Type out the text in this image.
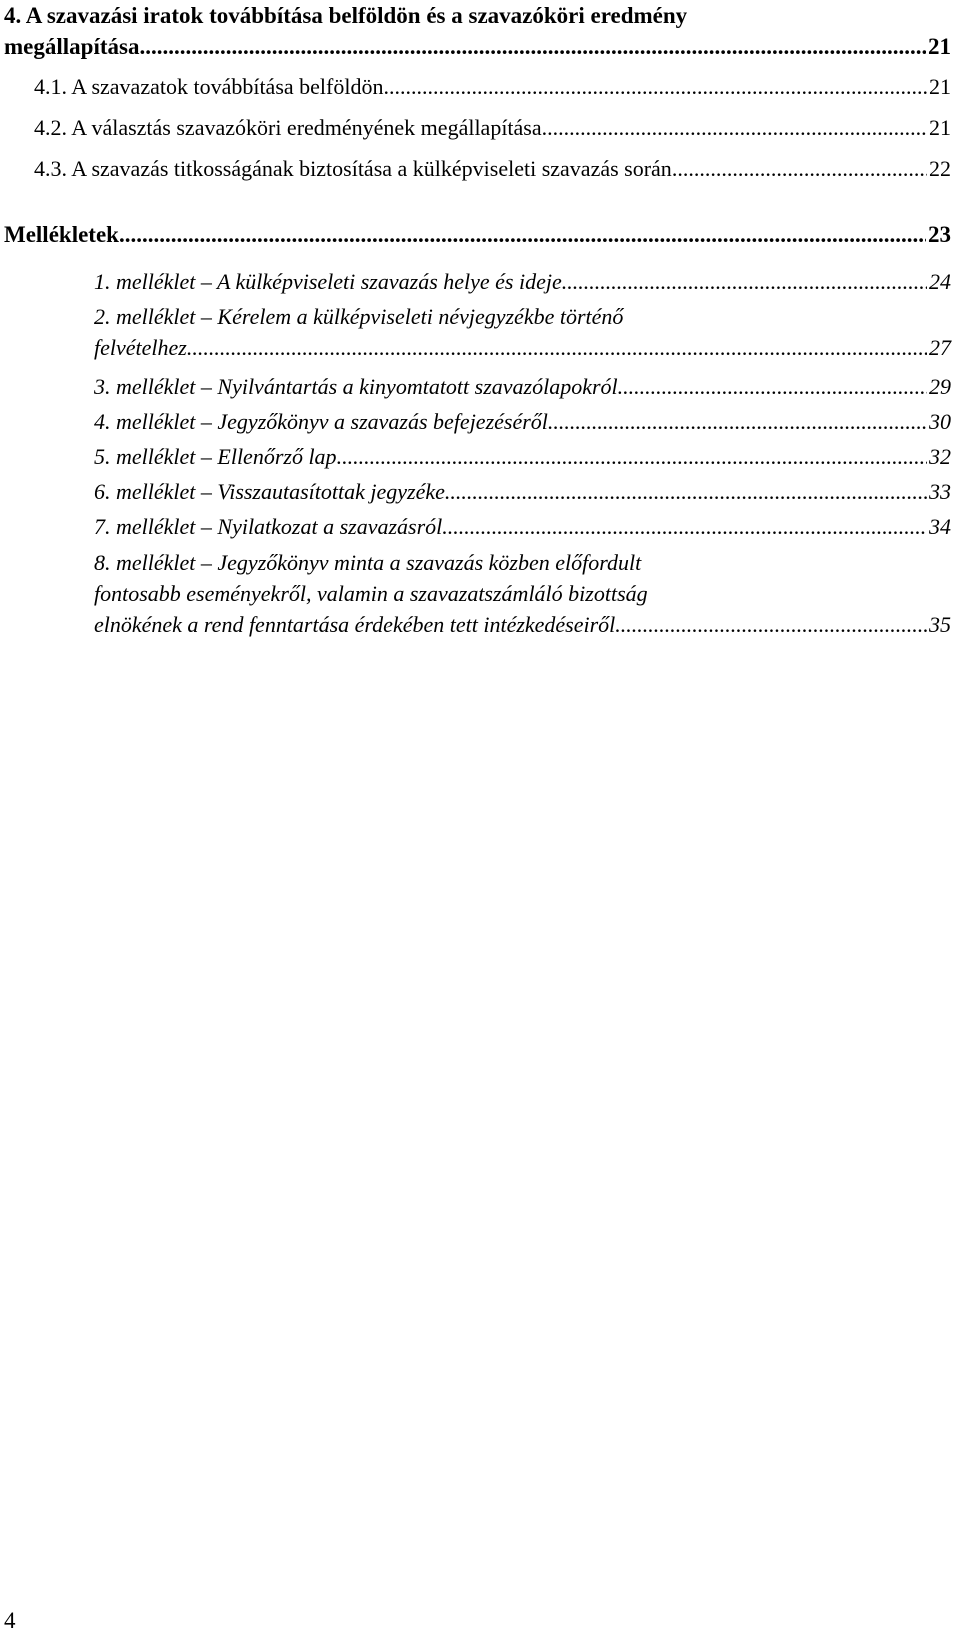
4. A szavazási iratok továbbítása belföldön és a szavazóköri eredmény
megállapítása .....	21
4.1. A szavazatok továbbítása belföldön .....	21
4.2. A választás szavazóköri eredményének megállapítása .....	21
4.3. A szavazás titkosságának biztosítása a külképviseleti szavazás során .....	22
Mellékletek .....	23
1. melléklet – A külképviseleti szavazás helye és ideje .....	24
2. melléklet – Kérelem a külképviseleti névjegyzékbe történő
felvételhez .....	27
3. melléklet – Nyilvántartás a kinyomtatott szavazólapokról .....	29
4. melléklet – Jegyzőkönyv a szavazás befejezéséről .....	30
5. melléklet – Ellenőrző lap .....	32
6. melléklet – Visszautasítottak jegyzéke .....	33
7. melléklet – Nyilatkozat a szavazásról .....	34
8. melléklet – Jegyzőkönyv minta a szavazás közben előfordult
fontosabb eseményekről, valamin a szavazatszámláló bizottság
elnökének a rend fenntartása érdekében tett intézkedéseiről .....	35
4
